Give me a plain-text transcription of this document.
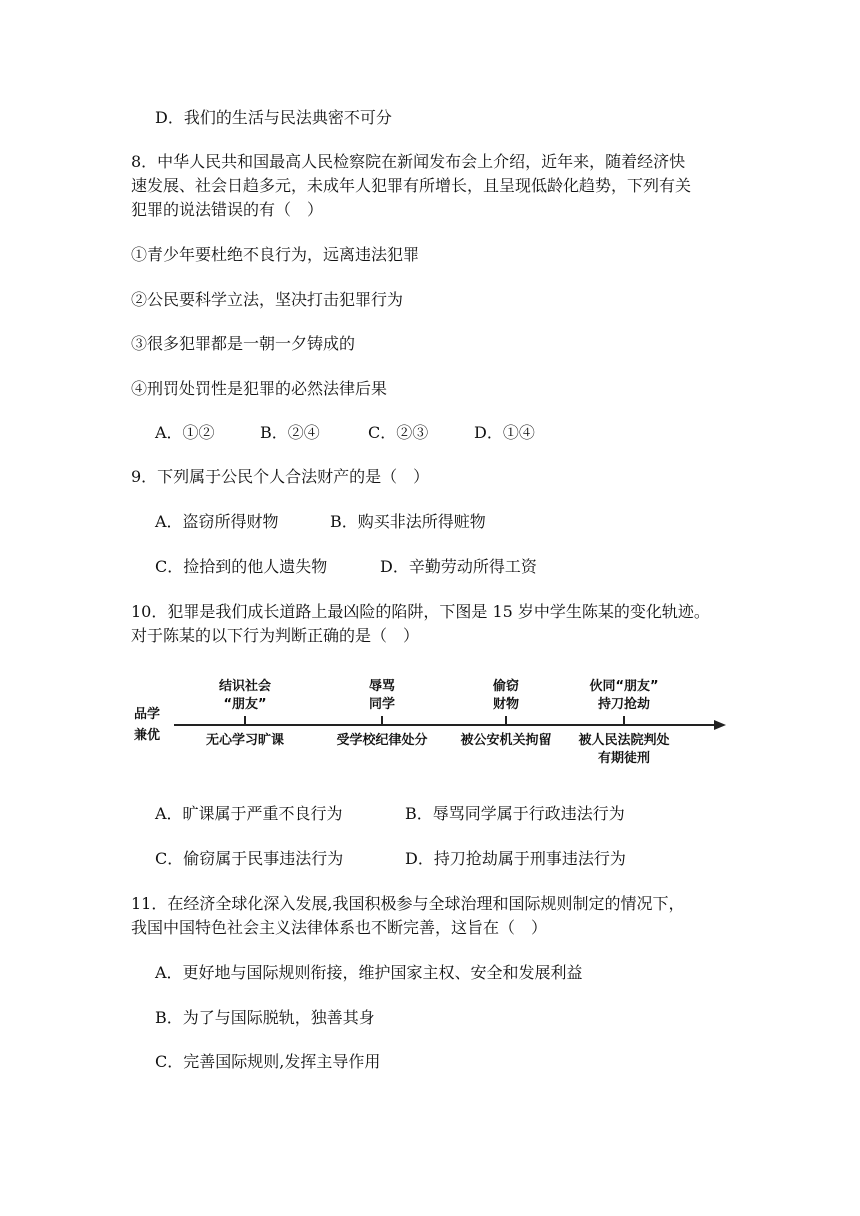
D．我们的生活与民法典密不可分
8．中华人民共和国最高人民检察院在新闻发布会上介绍，近年来，随着经济快
速发展、社会日趋多元，未成年人犯罪有所增长，且呈现低龄化趋势，下列有关
犯罪的说法错误的有（　）
①青少年要杜绝不良行为，远离违法犯罪
②公民要科学立法，坚决打击犯罪行为
③很多犯罪都是一朝一夕铸成的
④刑罚处罚性是犯罪的必然法律后果
A．①②	B．②④	C．②③	D．①④
9．下列属于公民个人合法财产的是（　）
A．盗窃所得财物	B．购买非法所得赃物
C．捡拾到的他人遗失物	D．辛勤劳动所得工资
10．犯罪是我们成长道路上最凶险的陷阱，下图是 15 岁中学生陈某的变化轨迹。
对于陈某的以下行为判断正确的是（　）
品学
兼优
结识社会
“朋友”
无心学习旷课
辱骂
同学
受学校纪律处分
偷窃
财物
被公安机关拘留
伙同“朋友”
持刀抢劫
被人民法院判处
有期徒刑
A．旷课属于严重不良行为	B．辱骂同学属于行政违法行为
C．偷窃属于民事违法行为	D．持刀抢劫属于刑事违法行为
11．在经济全球化深入发展,我国积极参与全球治理和国际规则制定的情况下，
我国中国特色社会主义法律体系也不断完善，这旨在（　）
A．更好地与国际规则衔接，维护国家主权、安全和发展利益
B．为了与国际脱轨，独善其身
C．完善国际规则,发挥主导作用
